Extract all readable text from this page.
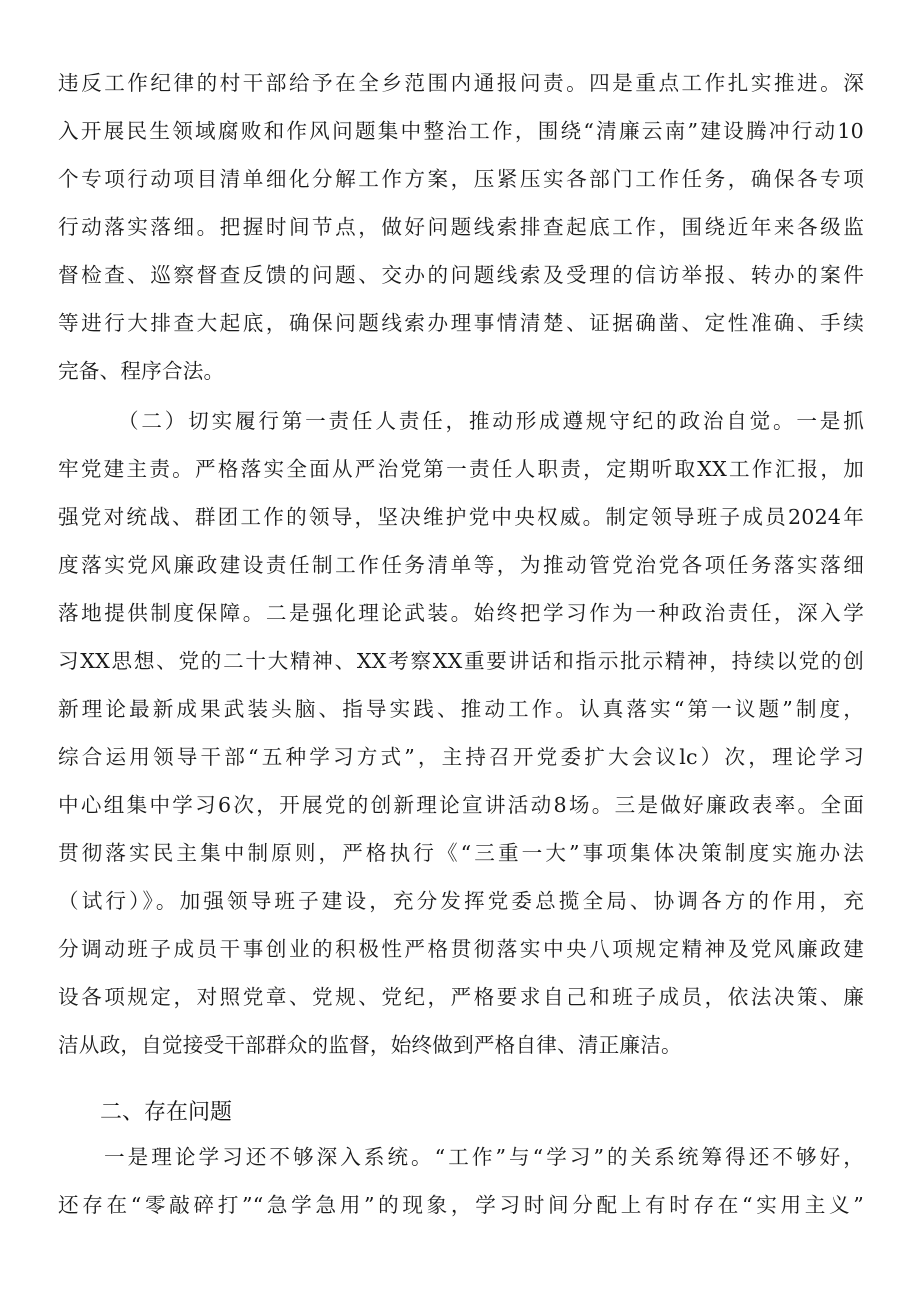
违反工作纪律的村干部给予在全乡范围内通报问责。四是重点工作扎实推进。深
入开展民生领域腐败和作风问题集中整治工作，围绕“清廉云南”建设腾冲行动10
个专项行动项目清单细化分解工作方案，压紧压实各部门工作任务，确保各专项
行动落实落细。把握时间节点，做好问题线索排查起底工作，围绕近年来各级监
督检查、巡察督查反馈的问题、交办的问题线索及受理的信访举报、转办的案件
等进行大排查大起底，确保问题线索办理事情清楚、证据确凿、定性准确、手续
完备、程序合法。
（二）切实履行第一责任人责任，推动形成遵规守纪的政治自觉。一是抓
牢党建主责。严格落实全面从严治党第一责任人职责，定期听取XX工作汇报，加
强党对统战、群团工作的领导，坚决维护党中央权威。制定领导班子成员2024年
度落实党风廉政建设责任制工作任务清单等，为推动管党治党各项任务落实落细
落地提供制度保障。二是强化理论武装。始终把学习作为一种政治责任，深入学
习XX思想、党的二十大精神、XX考察XX重要讲话和指示批示精神，持续以党的创
新理论最新成果武装头脑、指导实践、推动工作。认真落实“第一议题”制度，
综合运用领导干部“五种学习方式”，主持召开党委扩大会议lc）次，理论学习
中心组集中学习6次，开展党的创新理论宣讲活动8场。三是做好廉政表率。全面
贯彻落实民主集中制原则，严格执行《“三重一大”事项集体决策制度实施办法
（试行）》。加强领导班子建设，充分发挥党委总揽全局、协调各方的作用，充
分调动班子成员干事创业的积极性严格贯彻落实中央八项规定精神及党风廉政建
设各项规定，对照党章、党规、党纪，严格要求自己和班子成员，依法决策、廉
洁从政，自觉接受干部群众的监督，始终做到严格自律、清正廉洁。
二、存在问题
一是理论学习还不够深入系统。“工作”与“学习”的关系统筹得还不够好，
还存在“零敲碎打”“急学急用”的现象，学习时间分配上有时存在“实用主义”
